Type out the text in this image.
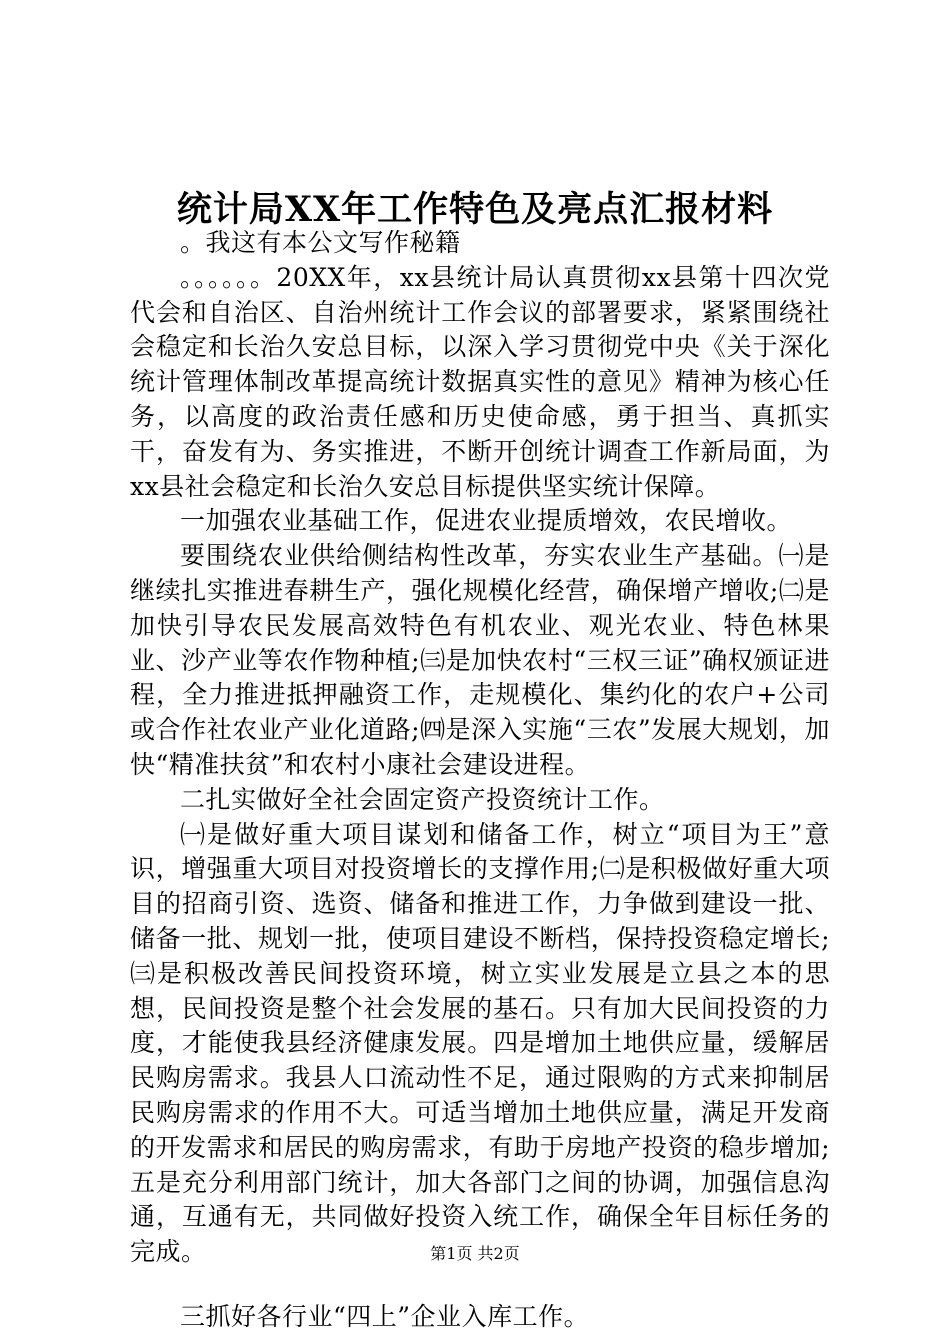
统计局XX年工作特色及亮点汇报材料

。我这有本公文写作秘籍

。。。。。。20XX年，xx县统计局认真贯彻xx县第十四次党代会和自治区、自治州统计工作会议的部署要求，紧紧围绕社会稳定和长治久安总目标，以深入学习贯彻党中央《关于深化统计管理体制改革提高统计数据真实性的意见》精神为核心任务，以高度的政治责任感和历史使命感，勇于担当、真抓实干，奋发有为、务实推进，不断开创统计调查工作新局面，为xx县社会稳定和长治久安总目标提供坚实统计保障。

一加强农业基础工作，促进农业提质增效，农民增收。

要围绕农业供给侧结构性改革，夯实农业生产基础。㈠是继续扎实推进春耕生产，强化规模化经营，确保增产增收;㈡是加快引导农民发展高效特色有机农业、观光农业、特色林果业、沙产业等农作物种植;㈢是加快农村“三权三证”确权颁证进程，全力推进抵押融资工作，走规模化、集约化的农户+公司或合作社农业产业化道路;㈣是深入实施“三农”发展大规划，加快“精准扶贫”和农村小康社会建设进程。

二扎实做好全社会固定资产投资统计工作。

㈠是做好重大项目谋划和储备工作，树立“项目为王”意识，增强重大项目对投资增长的支撑作用;㈡是积极做好重大项目的招商引资、选资、储备和推进工作，力争做到建设一批、储备一批、规划一批，使项目建设不断档，保持投资稳定增长;㈢是积极改善民间投资环境，树立实业发展是立县之本的思想，民间投资是整个社会发展的基石。只有加大民间投资的力度，才能使我县经济健康发展。四是增加土地供应量，缓解居民购房需求。我县人口流动性不足，通过限购的方式来抑制居民购房需求的作用不大。可适当增加土地供应量，满足开发商的开发需求和居民的购房需求，有助于房地产投资的稳步增加;五是充分利用部门统计，加大各部门之间的协调，加强信息沟通，互通有无，共同做好投资入统工作，确保全年目标任务的完成。

三抓好各行业“四上”企业入库工作。

第1页 共2页
